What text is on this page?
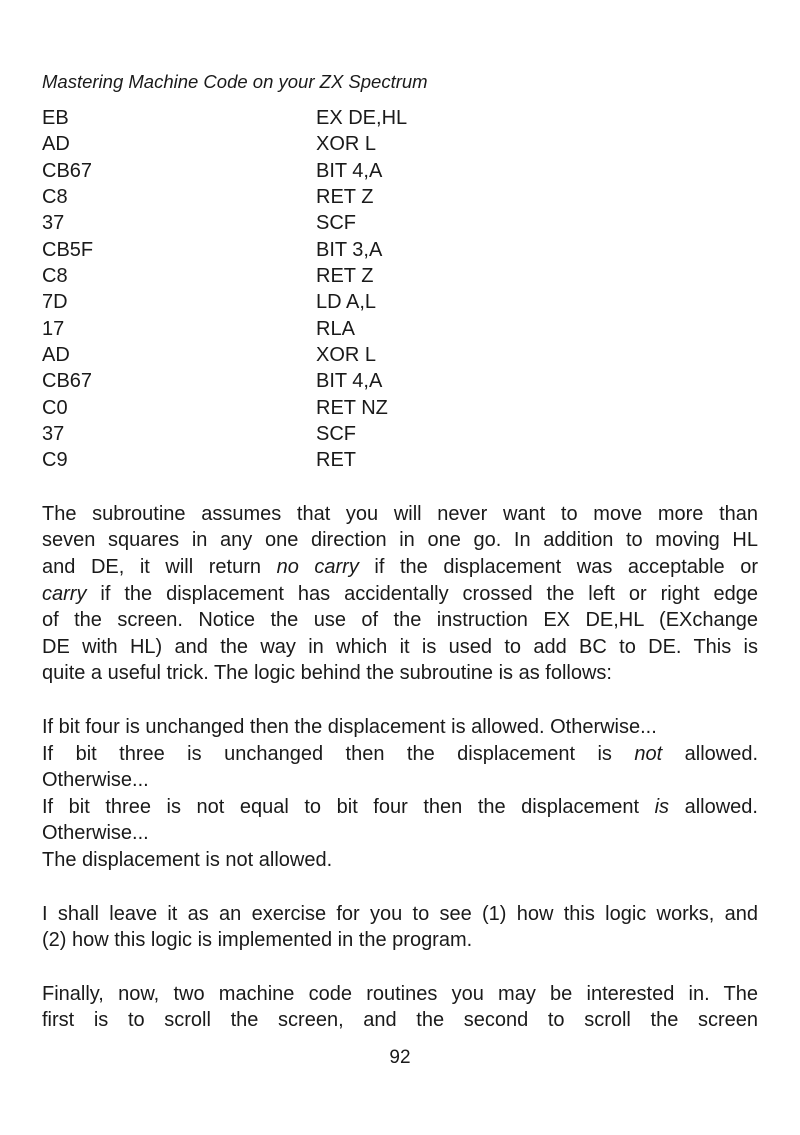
Mastering Machine Code on your ZX Spectrum
EB	EX DE,HL
AD	XOR L
CB67	BIT 4,A
C8	RET Z
37	SCF
CB5F	BIT 3,A
C8	RET Z
7D	LD A,L
17	RLA
AD	XOR L
CB67	BIT 4,A
C0	RET NZ
37	SCF
C9	RET
The subroutine assumes that you will never want to move more than
seven squares in any one direction in one go. In addition to moving HL
and DE, it will return no carry if the displacement was acceptable or
carry if the displacement has accidentally crossed the left or right edge
of the screen. Notice the use of the instruction EX DE,HL (EXchange
DE with HL) and the way in which it is used to add BC to DE. This is
quite a useful trick. The logic behind the subroutine is as follows:
If bit four is unchanged then the displacement is allowed. Otherwise...
If bit three is unchanged then the displacement is not allowed.
Otherwise...
If bit three is not equal to bit four then the displacement is allowed.
Otherwise...
The displacement is not allowed.
I shall leave it as an exercise for you to see (1) how this logic works, and
(2) how this logic is implemented in the program.
Finally, now, two machine code routines you may be interested in. The
first is to scroll the screen, and the second to scroll the screen
92
